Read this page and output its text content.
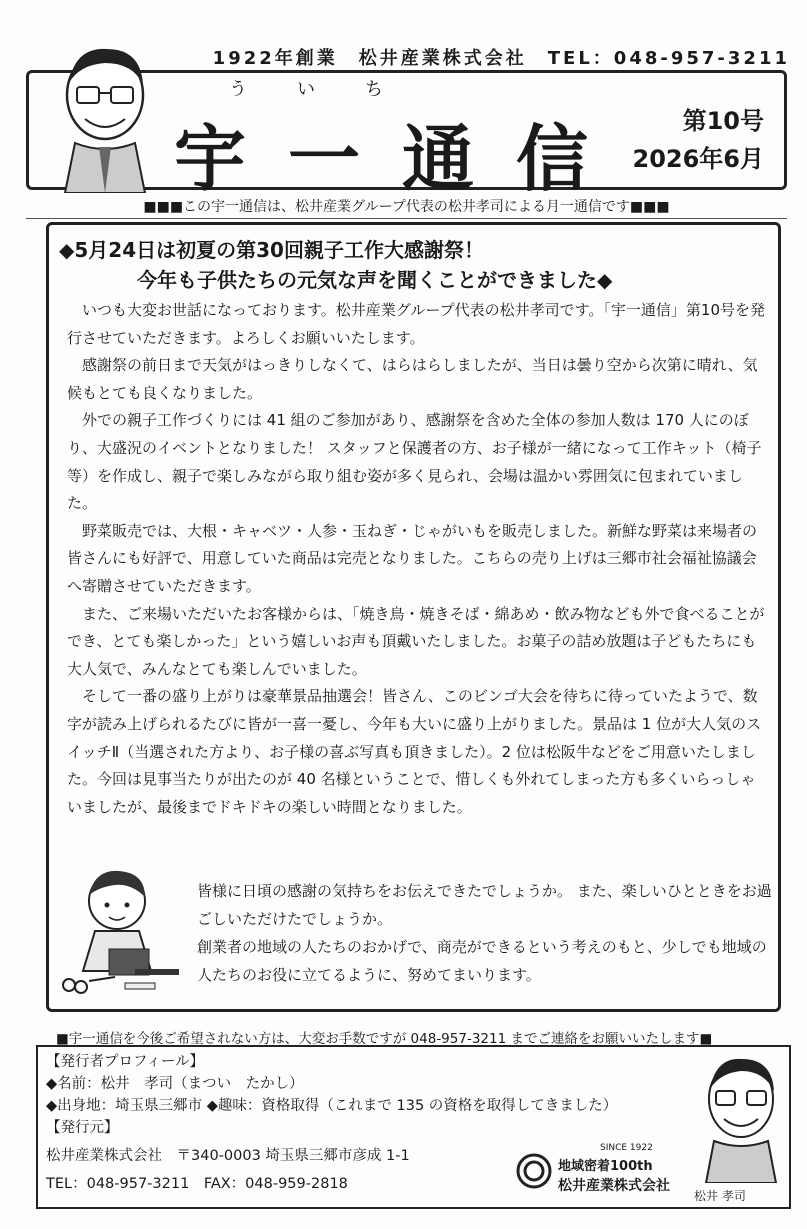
1922年創業　松井産業株式会社　TEL：048-957-3211
ういち
宇一通信 第10号
2026年6月
■■■この宇一通信は、松井産業グループ代表の松井孝司による月一通信です■■■
◆5月24日は初夏の第30回親子工作大感謝祭！
今年も子供たちの元気な声を聞くことができました◆

いつも大変お世話になっております。松井産業グループ代表の松井孝司です。「宇一通信」第10号を発行させていただきます。よろしくお願いいたします。

感謝祭の前日まで天気がはっきりしなくて、はらはらしましたが、当日は曇り空から次第に晴れ、気候もとても良くなりました。

外での親子工作づくりには 41 組のご参加があり、感謝祭を含めた全体の参加人数は 170 人にのぼり、大盛況のイベントとなりました！ スタッフと保護者の方、お子様が一緒になって工作キット（椅子等）を作成し、親子で楽しみながら取り組む姿が多く見られ、会場は温かい雰囲気に包まれていました。

野菜販売では、大根・キャベツ・人参・玉ねぎ・じゃがいもを販売しました。新鮮な野菜は来場者の皆さんにも好評で、用意していた商品は完売となりました。こちらの売り上げは三郷市社会福祉協議会へ寄贈させていただきます。

また、ご来場いただいたお客様からは、「焼き鳥・焼きそば・綿あめ・飲み物なども外で食べることができ、とても楽しかった」という嬉しいお声も頂戴いたしました。お菓子の詰め放題は子どもたちにも大人気で、みんなとても楽しんでいました。

そして一番の盛り上がりは豪華景品抽選会！皆さん、このビンゴ大会を待ちに待っていたようで、数字が読み上げられるたびに皆が一喜一憂し、今年も大いに盛り上がりました。景品は 1 位が大人気のスイッチⅡ（当選された方より、お子様の喜ぶ写真も頂きました）。2 位は松阪牛などをご用意いたしました。今回は見事当たりが出たのが 40 名様ということで、惜しくも外れてしまった方も多くいらっしゃいましたが、最後までドキドキの楽しい時間となりました。

皆様に日頃の感謝の気持ちをお伝えできたでしょうか。 また、楽しいひとときをお過ごしいただけたでしょうか。

創業者の地域の人たちのおかげで、商売ができるという考えのもと、少しでも地域の人たちのお役に立てるように、努めてまいります。

■宇一通信を今後ご希望されない方は、大変お手数ですが 048-957-3211 までご連絡をお願いいたします■
【発行者プロフィール】
◆名前：松井　孝司（まつい　たかし）
◆出身地：埼玉県三郷市 ◆趣味：資格取得（これまで 135 の資格を取得してきました）
【発行元】
松井産業株式会社　〒340-0003 埼玉県三郷市彦成 1-1
TEL：048-957-3211　FAX：048-959-2818
SINCE 1922
地域密着100th
松井産業株式会社
松井 孝司
